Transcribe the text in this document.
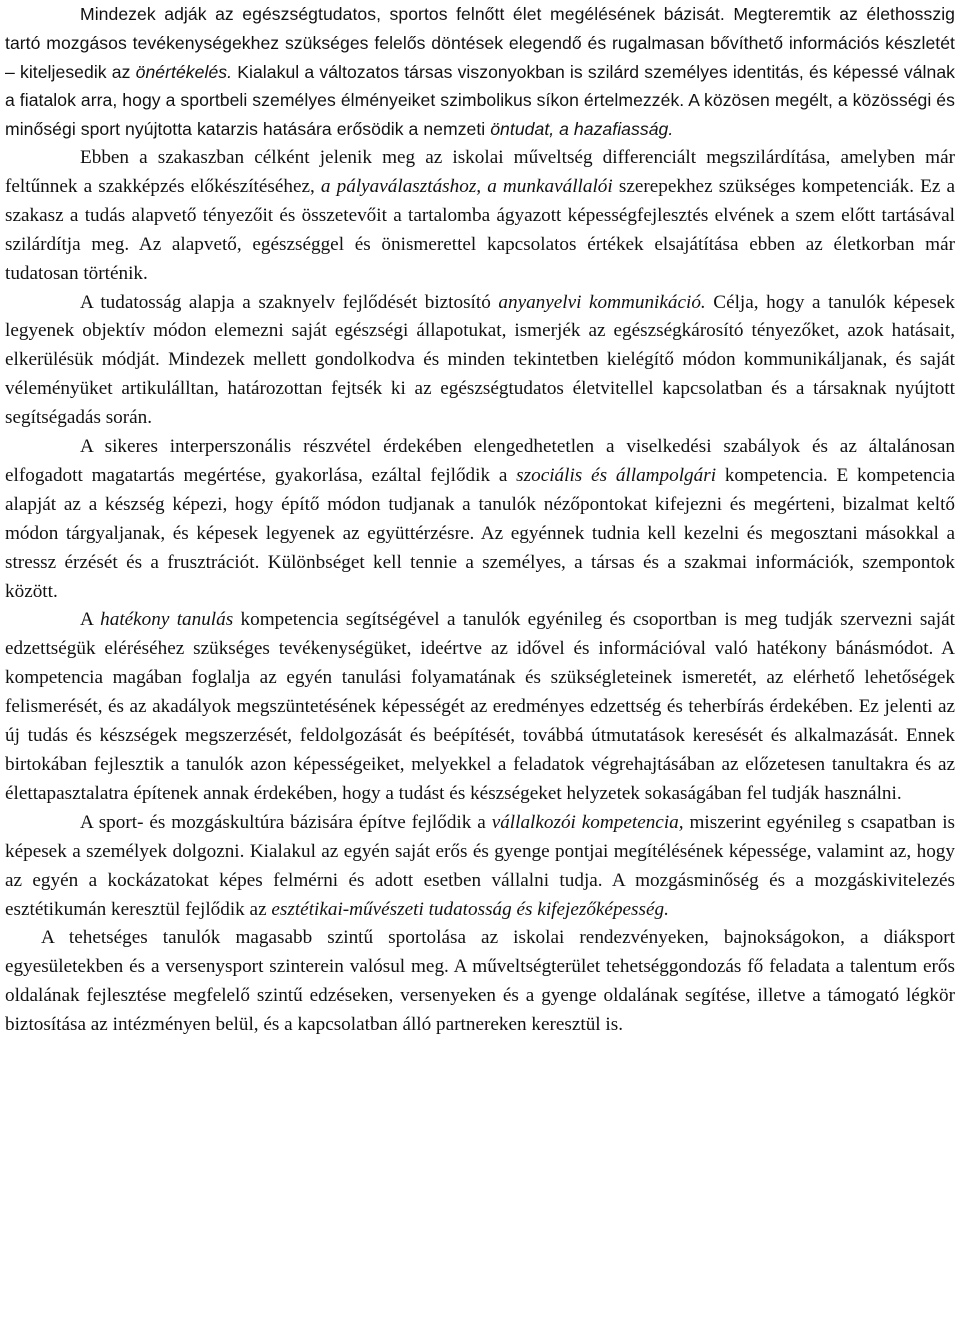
Mindezek adják az egészségtudatos, sportos felnőtt élet megélésének bázisát. Megteremtik az élethosszig tartó mozgásos tevékenységekhez szükséges felelős döntések elegendő és rugalmasan bővíthető információs készletét – kiteljesedik az önértékelés. Kialakul a változatos társas viszonyokban is szilárd személyes identitás, és képessé válnak a fiatalok arra, hogy a sportbeli személyes élményeiket szimbolikus síkon értelmezzék. A közösen megélt, a közösségi és minőségi sport nyújtotta katarzis hatására erősödik a nemzeti öntudat, a hazafiasság.

Ebben a szakaszban célként jelenik meg az iskolai műveltség differenciált megszilárdítása, amelyben már feltűnnek a szakképzés előkészítéséhez, a pályaválasztáshoz, a munkavállalói szerepekhez szükséges kompetenciák. Ez a szakasz a tudás alapvető tényezőit és összetevőit a tartalomba ágyazott képességfejlesztés elvének a szem előtt tartásával szilárdítja meg. Az alapvető, egészséggel és önismerettel kapcsolatos értékek elsajátítása ebben az életkorban már tudatosan történik.

A tudatosság alapja a szaknyelv fejlődését biztosító anyanyelvi kommunikáció. Célja, hogy a tanulók képesek legyenek objektív módon elemezni saját egészségi állapotukat, ismerjék az egészségkárosító tényezőket, azok hatásait, elkerülésük módját. Mindezek mellett gondolkodva és minden tekintetben kielégítő módon kommunikáljanak, és saját véleményüket artikulálltan, határozottan fejtsék ki az egészségtudatos életvitellel kapcsolatban és a társaknak nyújtott segítségadás során.

A sikeres interperszonális részvétel érdekében elengedhetetlen a viselkedési szabályok és az általánosan elfogadott magatartás megértése, gyakorlása, ezáltal fejlődik a szociális és állampolgári kompetencia. E kompetencia alapját az a készség képezi, hogy építő módon tudjanak a tanulók nézőpontokat kifejezni és megérteni, bizalmat keltő módon tárgyaljanak, és képesek legyenek az együttérzésre. Az egyénnek tudnia kell kezelni és megosztani másokkal a stressz érzését és a frusztrációt. Különbséget kell tennie a személyes, a társas és a szakmai információk, szempontok között.

A hatékony tanulás kompetencia segítségével a tanulók egyénileg és csoportban is meg tudják szervezni saját edzettségük eléréséhez szükséges tevékenységüket, ideértve az idővel és információval való hatékony bánásmódot. A kompetencia magában foglalja az egyén tanulási folyamatának és szükségleteinek ismeretét, az elérhető lehetőségek felismerését, és az akadályok megszüntetésének képességét az eredményes edzettség és teherbírás érdekében. Ez jelenti az új tudás és készségek megszerzését, feldolgozását és beépítését, továbbá útmutatások keresését és alkalmazását. Ennek birtokában fejlesztik a tanulók azon képességeiket, melyekkel a feladatok végrehajtásában az előzetesen tanultakra és az élettapasztalatra építenek annak érdekében, hogy a tudást és készségeket helyzetek sokaságában fel tudják használni.

A sport- és mozgáskultúra bázisára építve fejlődik a vállalkozói kompetencia, miszerint egyénileg s csapatban is képesek a személyek dolgozni. Kialakul az egyén saját erős és gyenge pontjai megítélésének képessége, valamint az, hogy az egyén a kockázatokat képes felmérni és adott esetben vállalni tudja. A mozgásminőség és a mozgáskivitelezés esztétikumán keresztül fejlődik az esztétikai-művészeti tudatosság és kifejezőképesség.

A tehetséges tanulók magasabb szintű sportolása az iskolai rendezvényeken, bajnokságokon, a diáksport egyesületekben és a versenysport szinterein valósul meg. A műveltségterület tehetséggondozás fő feladata a talentum erős oldalának fejlesztése megfelelő szintű edzéseken, versenyeken és a gyenge oldalának segítése, illetve a támogató légkör biztosítása az intézményen belül, és a kapcsolatban álló partnereken keresztül is.
